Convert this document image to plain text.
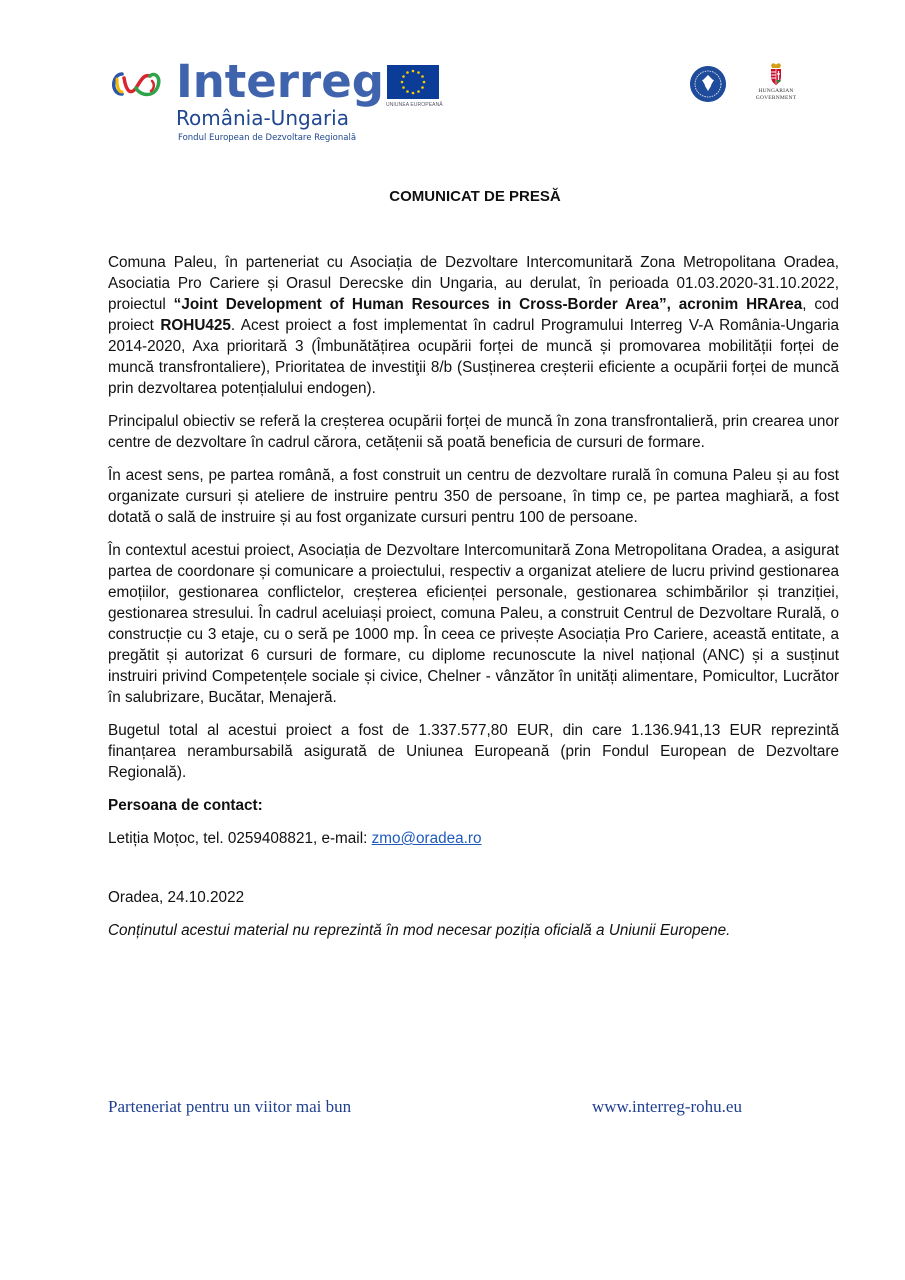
Interreg
România-Ungaria
Fondul European de Dezvoltare Regională
UNIUNEA EUROPEANĂ
HUNGARIAN GOVERNMENT
COMUNICAT DE PRESĂ

Comuna Paleu, în parteneriat cu Asociația de Dezvoltare Intercomunitară Zona Metropolitana Oradea, Asociatia Pro Cariere și Orasul Derecske din Ungaria, au derulat, în perioada 01.03.2020-31.10.2022, proiectul “Joint Development of Human Resources in Cross-Border Area”, acronim HRArea, cod proiect ROHU425. Acest proiect a fost implementat în cadrul Programului Interreg V-A România-Ungaria 2014-2020, Axa prioritară 3 (Îmbunătățirea ocupării forței de muncă și promovarea mobilității forței de muncă transfrontaliere), Prioritatea de investiţii 8/b (Susținerea creșterii eficiente a ocupării forței de muncă prin dezvoltarea potențialului endogen).

Principalul obiectiv se referă la creșterea ocupării forței de muncă în zona transfrontalieră, prin crearea unor centre de dezvoltare în cadrul cărora, cetățenii să poată beneficia de cursuri de formare.

În acest sens, pe partea română, a fost construit un centru de dezvoltare rurală în comuna Paleu și au fost organizate cursuri și ateliere de instruire pentru 350 de persoane, în timp ce, pe partea maghiară, a fost dotată o sală de instruire și au fost organizate cursuri pentru 100 de persoane.

În contextul acestui proiect, Asociația de Dezvoltare Intercomunitară Zona Metropolitana Oradea, a asigurat partea de coordonare și comunicare a proiectului, respectiv a organizat ateliere de lucru privind gestionarea emoțiilor, gestionarea conflictelor, creșterea eficienței personale, gestionarea schimbărilor și tranziției, gestionarea stresului. În cadrul aceluiași proiect, comuna Paleu, a construit Centrul de Dezvoltare Rurală, o construcție cu 3 etaje, cu o seră pe 1000 mp. În ceea ce privește Asociația Pro Cariere, această entitate, a pregătit și autorizat 6 cursuri de formare, cu diplome recunoscute la nivel național (ANC) și a susținut instruiri privind Competențele sociale și civice, Chelner - vânzător în unități alimentare, Pomicultor, Lucrător în salubrizare, Bucătar, Menajeră.

Bugetul total al acestui proiect a fost de 1.337.577,80 EUR, din care 1.136.941,13 EUR reprezintă finanțarea nerambursabilă asigurată de Uniunea Europeană (prin Fondul European de Dezvoltare Regională).

Persoana de contact:

Letiția Moțoc, tel. 0259408821, e-mail: zmo@oradea.ro

Oradea, 24.10.2022

Conținutul acestui material nu reprezintă în mod necesar poziția oficială a Uniunii Europene.

Parteneriat pentru un viitor mai bun	www.interreg-rohu.eu
